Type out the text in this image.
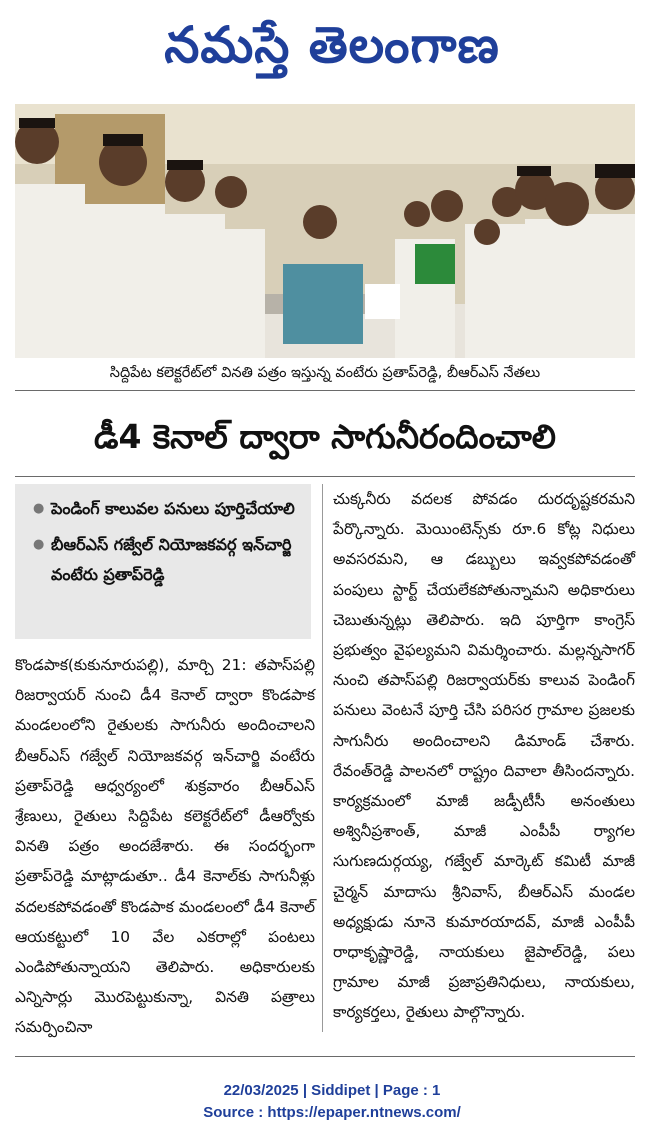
నమస్తే తెలంగాణ
సిద్దిపేట కలెక్టరేట్‌లో వినతి పత్రం ఇస్తున్న వంటేరు ప్రతాప్‌రెడ్డి, బీఆర్‌ఎస్ నేతలు
డీ4 కెనాల్ ద్వారా సాగునీరందించాలి
● పెండింగ్ కాలువల పనులు పూర్తిచేయాలి
● బీఆర్‌ఎస్ గజ్వేల్ నియోజకవర్గ ఇన్‌చార్జి వంటేరు ప్రతాప్‌రెడ్డి
కొండపాక(కుకునూరుపల్లి), మార్చి 21: తపాస్‌పల్లి రిజర్వాయర్ నుంచి డీ4 కెనాల్ ద్వారా కొండపాక మండలంలోని రైతులకు సాగునీరు అందించాలని బీఆర్‌ఎస్ గజ్వేల్ నియోజకవర్గ ఇన్‌చార్జి వంటేరు ప్రతాప్‌రెడ్డి ఆధ్వర్యంలో శుక్రవారం బీఆర్‌ఎస్ శ్రేణులు, రైతులు సిద్దిపేట కలెక్టరేట్‌లో డీఆర్వోకు వినతి పత్రం అందజేశారు. ఈ సందర్భంగా ప్రతాప్‌రెడ్డి మాట్లాడుతూ.. డీ4 కెనాల్‌కు సాగునీళ్లు వదలకపోవడంతో కొండపాక మండలంలో డీ4 కెనాల్ ఆయకట్టులో 10 వేల ఎకరాల్లో పంటలు ఎండిపోతున్నాయని తెలిపారు. అధికారులకు ఎన్నిసార్లు మొరపెట్టుకున్నా, వినతి పత్రాలు సమర్పించినా
చుక్కనీరు వదలక పోవడం దురదృష్టకరమని పేర్కొన్నారు. మెయింటెన్స్‌కు రూ.6 కోట్ల నిధులు అవసరమని, ఆ డబ్బులు ఇవ్వకపోవడంతో పంపులు స్టార్ట్ చేయలేకపోతున్నామని అధికారులు చెబుతున్నట్లు తెలిపారు. ఇది పూర్తిగా కాంగ్రెస్ ప్రభుత్వం వైఫల్యమని విమర్శించారు. మల్లన్నసాగర్ నుంచి తపాస్‌పల్లి రిజర్వాయర్‌కు కాలువ పెండింగ్ పనులు వెంటనే పూర్తి చేసి పరిసర గ్రామాల ప్రజలకు సాగునీరు అందించాలని డిమాండ్ చేశారు. రేవంత్‌రెడ్డి పాలనలో రాష్ట్రం దివాలా తీసిందన్నారు. కార్యక్రమంలో మాజీ జడ్పీటీసీ అనంతులు అశ్వినీప్రశాంత్, మాజీ ఎంపీపీ ర్యాగల సుగుణదుర్గయ్య, గజ్వేల్ మార్కెట్ కమిటీ మాజీ చైర్మన్ మాదాసు శ్రీనివాస్, బీఆర్‌ఎస్ మండల అధ్యక్షుడు నూనె కుమారయాదవ్, మాజీ ఎంపీపీ రాధాకృష్ణారెడ్డి, నాయకులు జైపాల్‌రెడ్డి, పలు గ్రామాల మాజీ ప్రజాప్రతినిధులు, నాయకులు, కార్యకర్తలు, రైతులు పాల్గొన్నారు.
22/03/2025 | Siddipet | Page : 1
Source : https://epaper.ntnews.com/
